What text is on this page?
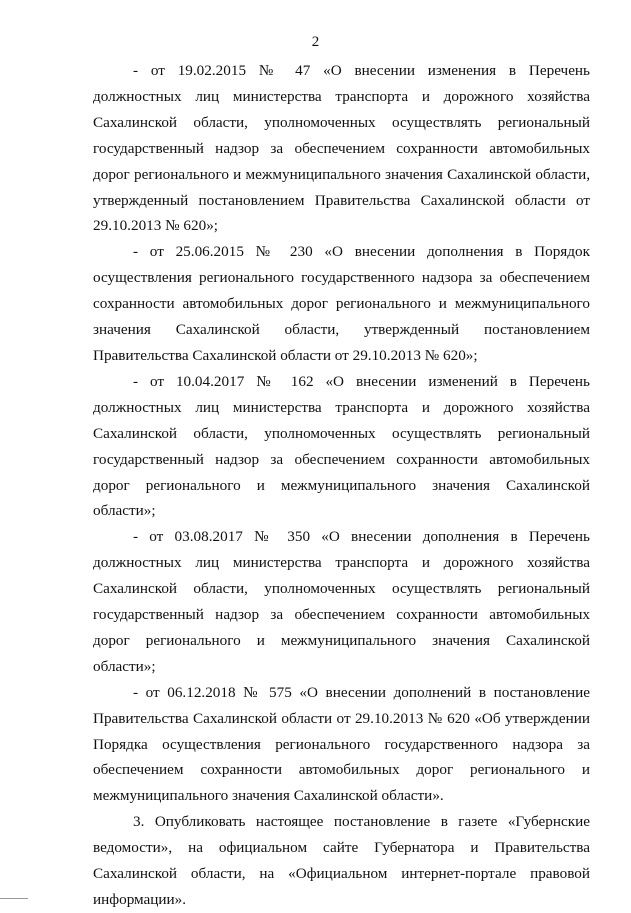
2

- от 19.02.2015 № 47 «О внесении изменения в Перечень должностных лиц министерства транспорта и дорожного хозяйства Сахалинской области, уполномоченных осуществлять региональный государственный надзор за обеспечением сохранности автомобильных дорог регионального и межмуниципального значения Сахалинской области, утвержденный постановлением Правительства Сахалинской области от 29.10.2013 № 620»;

- от 25.06.2015 № 230 «О внесении дополнения в Порядок осуществления регионального государственного надзора за обеспечением сохранности автомобильных дорог регионального и межмуниципального значения Сахалинской области, утвержденный постановлением Правительства Сахалинской области от 29.10.2013 № 620»;

- от 10.04.2017 № 162 «О внесении изменений в Перечень должностных лиц министерства транспорта и дорожного хозяйства Сахалинской области, уполномоченных осуществлять региональный государственный надзор за обеспечением сохранности автомобильных дорог регионального и межмуниципального значения Сахалинской области»;

- от 03.08.2017 № 350 «О внесении дополнения в Перечень должностных лиц министерства транспорта и дорожного хозяйства Сахалинской области, уполномоченных осуществлять региональный государственный надзор за обеспечением сохранности автомобильных дорог регионального и межмуниципального значения Сахалинской области»;

- от 06.12.2018 № 575 «О внесении дополнений в постановление Правительства Сахалинской области от 29.10.2013 № 620 «Об утверждении Порядка осуществления регионального государственного надзора за обеспечением сохранности автомобильных дорог регионального и межмуниципального значения Сахалинской области».

3. Опубликовать настоящее постановление в газете «Губернские ведомости», на официальном сайте Губернатора и Правительства Сахалинской области, на «Официальном интернет-портале правовой информации».
